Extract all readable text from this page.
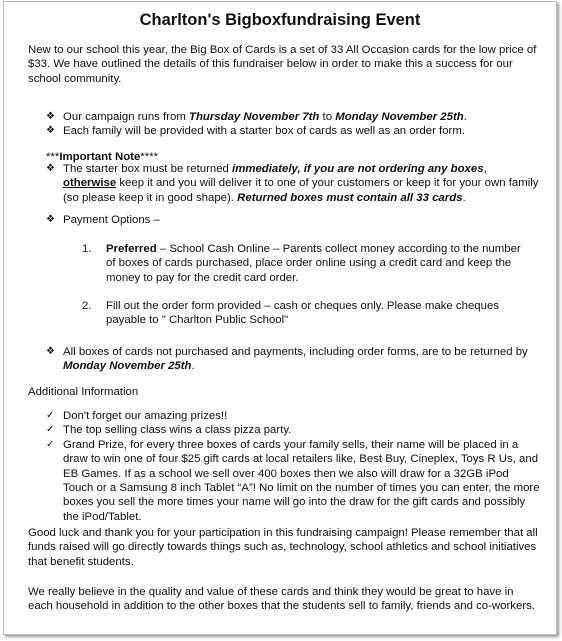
Charlton's Bigboxfundraising Event

New to our school this year, the Big Box of Cards is a set of 33 All Occasion cards for the low price of $33. We have outlined the details of this fundraiser below in order to make this a success for our school community.

❖ Our campaign runs from Thursday November 7th to Monday November 25th.
❖ Each family will be provided with a starter box of cards as well as an order form.
***Important Note****
❖ The starter box must be returned immediately, if you are not ordering any boxes, otherwise keep it and you will deliver it to one of your customers or keep it for your own family (so please keep it in good shape). Returned boxes must contain all 33 cards.
❖ Payment Options –
1.	Preferred – School Cash Online – Parents collect money according to the number of boxes of cards purchased, place order online using a credit card and keep the money to pay for the credit card order.
2.	Fill out the order form provided – cash or cheques only. Please make cheques payable to " Charlton Public School"
❖ All boxes of cards not purchased and payments, including order forms, are to be returned by Monday November 25th.
Additional Information
✓ Don't forget our amazing prizes!!
✓ The top selling class wins a class pizza party.
✓ Grand Prize, for every three boxes of cards your family sells, their name will be placed in a draw to win one of four $25 gift cards at local retailers like, Best Buy, Cineplex, Toys R Us, and EB Games. If as a school we sell over 400 boxes then we also will draw for a 32GB iPod Touch or a Samsung 8 inch Tablet “A”! No limit on the number of times you can enter, the more boxes you sell the more times your name will go into the draw for the gift cards and possibly the iPod/Tablet.

Good luck and thank you for your participation in this fundraising campaign! Please remember that all funds raised will go directly towards things such as, technology, school athletics and school initiatives that benefit students.

We really believe in the quality and value of these cards and think they would be great to have in each household in addition to the other boxes that the students sell to family, friends and co-workers.
